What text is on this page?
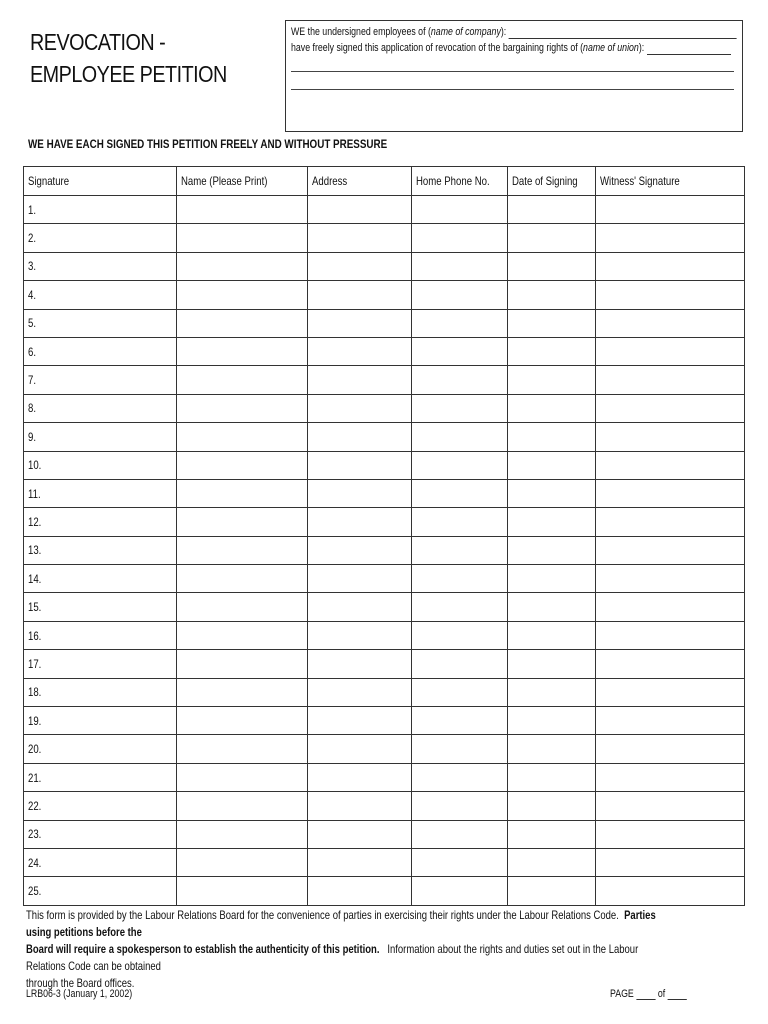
REVOCATION -
EMPLOYEE PETITION
WE the undersigned employees of (name of company):
have freely signed this application of revocation of the bargaining rights of (name of union):
WE HAVE EACH SIGNED THIS PETITION FREELY AND WITHOUT PRESSURE
Signature	Name (Please Print)	Address	Home Phone No.	Date of Signing	Witness' Signature
1.					
2.					
3.					
4.					
5.					
6.					
7.					
8.					
9.					
10.					
11.					
12.					
13.					
14.					
15.					
16.					
17.					
18.					
19.					
20.					
21.					
22.					
23.					
24.					
25.					
This form is provided by the Labour Relations Board for the convenience of parties in exercising their rights under the Labour Relations Code. Parties using petitions before the
Board will require a spokesperson to establish the authenticity of this petition. Information about the rights and duties set out in the Labour Relations Code can be obtained
through the Board offices.
LRB06-3 (January 1, 2002)	PAGE of
